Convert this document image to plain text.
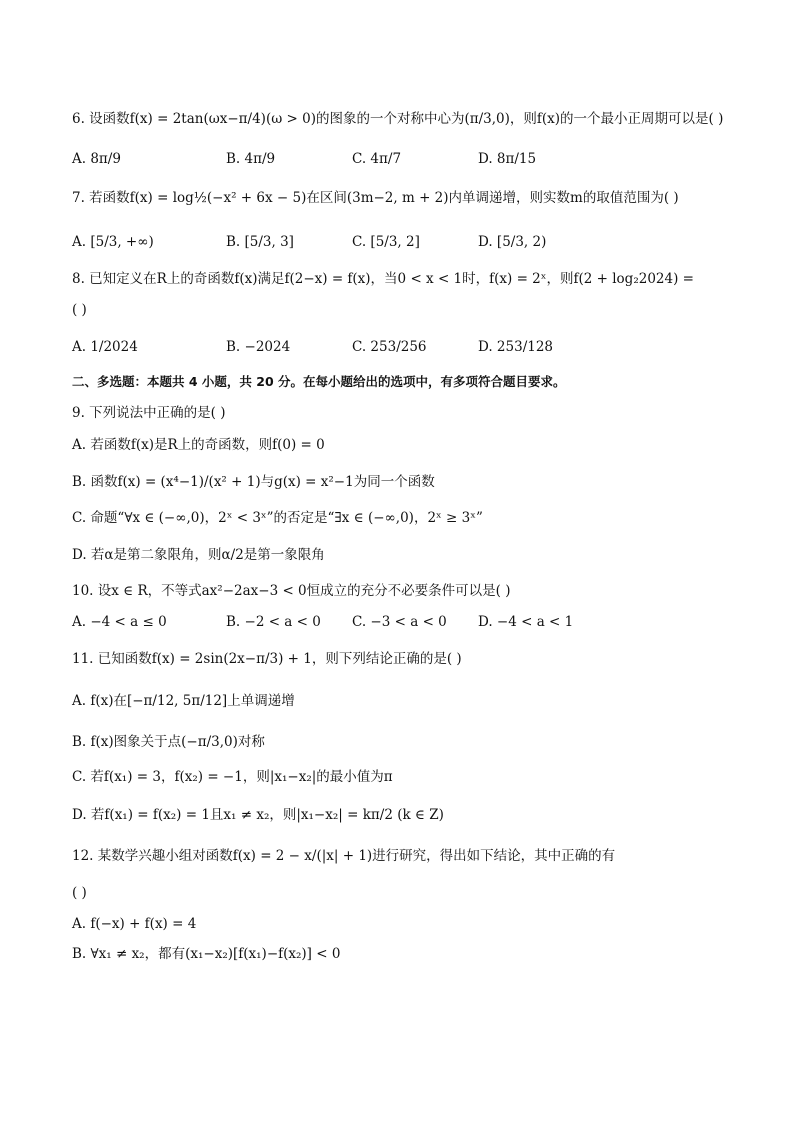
6. 设函数f(x) = 2tan(ωx−π/4)(ω > 0)的图象的一个对称中心为(π/3,0)，则f(x)的一个最小正周期可以是( )
A. 8π/9	B. 4π/9	C. 4π/7	D. 8π/15
7. 若函数f(x) = log½(−x² + 6x − 5)在区间(3m−2, m + 2)内单调递增，则实数m的取值范围为( )
A. [5/3, +∞)	B. [5/3, 3]	C. [5/3, 2]	D. [5/3, 2)
8. 已知定义在R上的奇函数f(x)满足f(2−x) = f(x)，当0 < x < 1时，f(x) = 2ˣ，则f(2 + log₂2024) =
( )
A. 1/2024	B. −2024	C. 253/256	D. 253/128
二、多选题：本题共 4 小题，共 20 分。在每小题给出的选项中，有多项符合题目要求。
9. 下列说法中正确的是( )
A. 若函数f(x)是R上的奇函数，则f(0) = 0
B. 函数f(x) = (x⁴−1)/(x² + 1)与g(x) = x²−1为同一个函数
C. 命题“∀x ∈ (−∞,0)，2ˣ < 3ˣ”的否定是“∃x ∈ (−∞,0)，2ˣ ≥ 3ˣ”
D. 若α是第二象限角，则α/2是第一象限角
10. 设x ∈ R，不等式ax²−2ax−3 < 0恒成立的充分不必要条件可以是( )
A. −4 < a ≤ 0	B. −2 < a < 0 C. −3 < a < 0 D. −4 < a < 1
11. 已知函数f(x) = 2sin(2x−π/3) + 1，则下列结论正确的是( )
A. f(x)在[−π/12, 5π/12]上单调递增
B. f(x)图象关于点(−π/3,0)对称
C. 若f(x₁) = 3，f(x₂) = −1，则|x₁−x₂|的最小值为π
D. 若f(x₁) = f(x₂) = 1且x₁ ≠ x₂，则|x₁−x₂| = kπ/2 (k ∈ Z)
12. 某数学兴趣小组对函数f(x) = 2 − x/(|x| + 1)进行研究，得出如下结论，其中正确的有
( )
A. f(−x) + f(x) = 4
B. ∀x₁ ≠ x₂，都有(x₁−x₂)[f(x₁)−f(x₂)] < 0
